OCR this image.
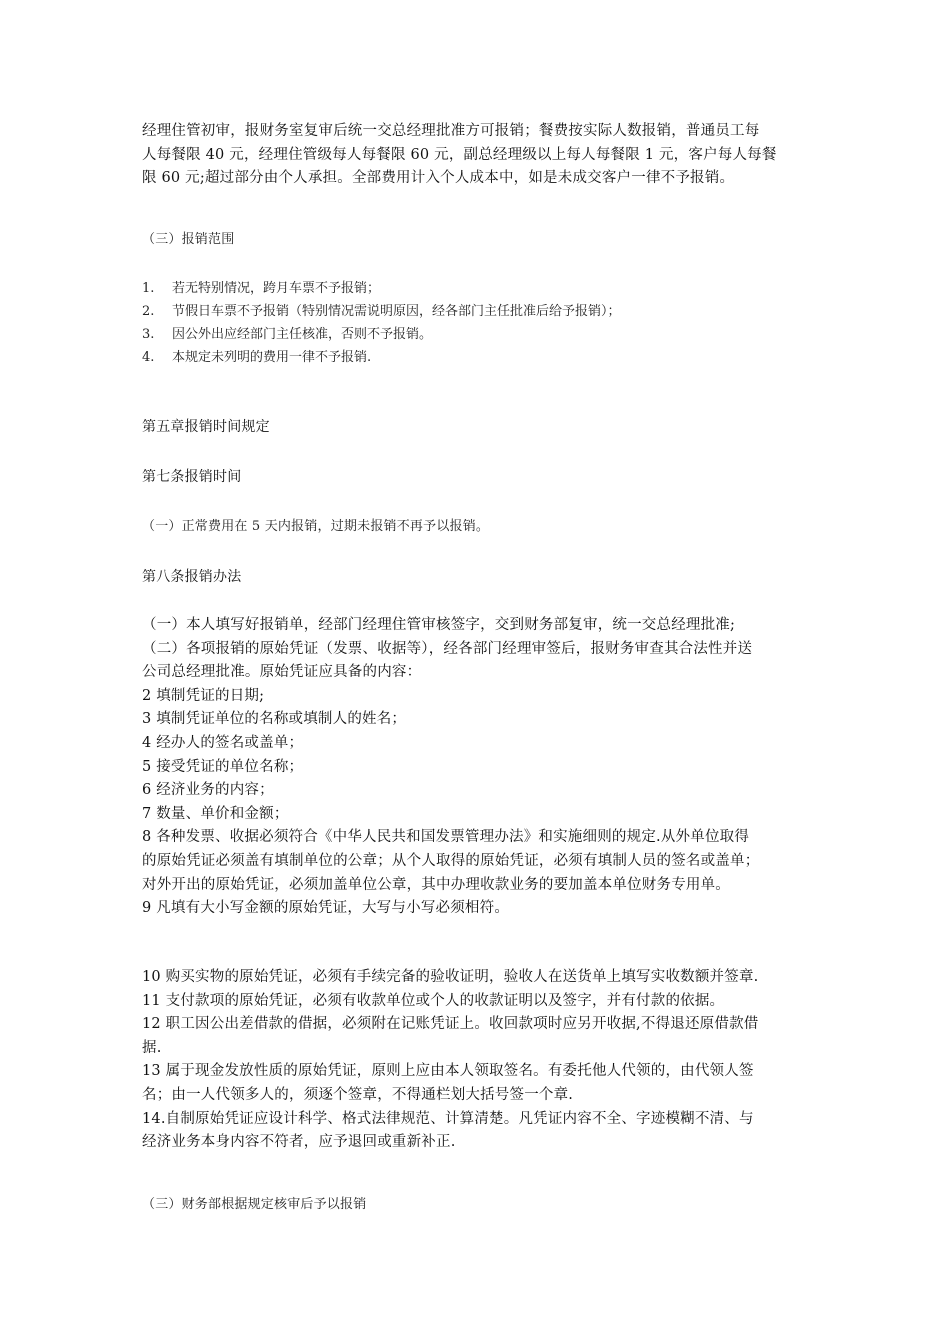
经理住管初审，报财务室复审后统一交总经理批准方可报销；餐费按实际人数报销，普通员工每
人每餐限 40 元，经理住管级每人每餐限 60 元，副总经理级以上每人每餐限 1 元，客户每人每餐
限 60 元;超过部分由个人承担。全部费用计入个人成本中，如是未成交客户一律不予报销。
（三）报销范围
1. 若无特别情况，跨月车票不予报销；
2. 节假日车票不予报销（特别情况需说明原因，经各部门主任批准后给予报销）；
3. 因公外出应经部门主任核准，否则不予报销。
4. 本规定未列明的费用一律不予报销.
第五章报销时间规定
第七条报销时间
（一）正常费用在 5 天内报销，过期未报销不再予以报销。
第八条报销办法
（一）本人填写好报销单，经部门经理住管审核签字，交到财务部复审，统一交总经理批准;
（二）各项报销的原始凭证（发票、收据等），经各部门经理审签后，报财务审查其合法性并送
公司总经理批准。原始凭证应具备的内容：
2 填制凭证的日期;
3 填制凭证单位的名称或填制人的姓名；
4 经办人的签名或盖单；
5 接受凭证的单位名称；
6 经济业务的内容；
7 数量、单价和金额；
8 各种发票、收据必须符合《中华人民共和国发票管理办法》和实施细则的规定.从外单位取得
的原始凭证必须盖有填制单位的公章；从个人取得的原始凭证，必须有填制人员的签名或盖单；
对外开出的原始凭证，必须加盖单位公章，其中办理收款业务的要加盖本单位财务专用单。
9 凡填有大小写金额的原始凭证，大写与小写必须相符。
10 购买实物的原始凭证，必须有手续完备的验收证明，验收人在送货单上填写实收数额并签章.
11 支付款项的原始凭证，必须有收款单位或个人的收款证明以及签字，并有付款的依据。
12 职工因公出差借款的借据，必须附在记账凭证上。收回款项时应另开收据,不得退还原借款借
据.
13 属于现金发放性质的原始凭证，原则上应由本人领取签名。有委托他人代领的，由代领人签
名；由一人代领多人的，须逐个签章，不得通栏划大括号签一个章.
14.自制原始凭证应设计科学、格式法律规范、计算清楚。凡凭证内容不全、字迹模糊不清、与
经济业务本身内容不符者，应予退回或重新补正.
（三）财务部根据规定核审后予以报销
